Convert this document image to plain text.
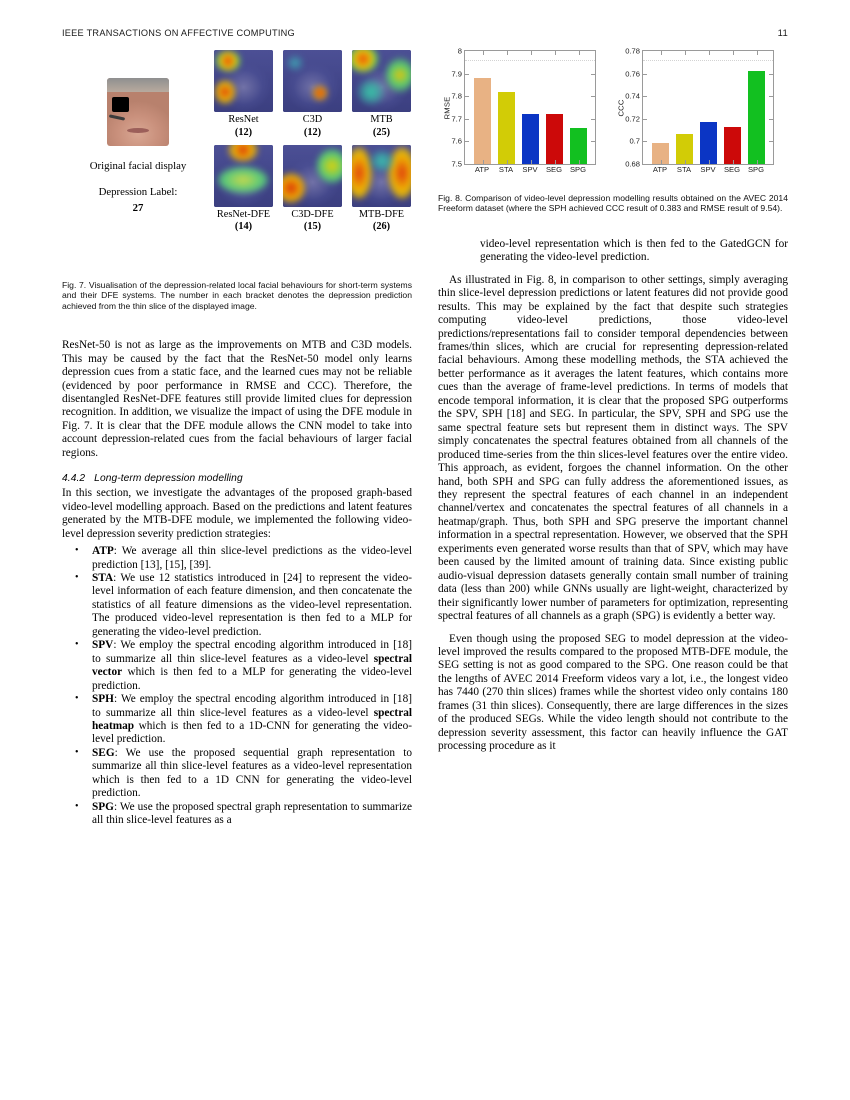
IEEE TRANSACTIONS ON AFFECTIVE COMPUTING	11
Original facial display
Depression Label:
27
ResNet
(12)
C3D
(12)
MTB
(25)
ResNet-DFE
(14)
C3D-DFE
(15)
MTB-DFE
(26)

Fig. 7. Visualisation of the depression-related local facial behaviours for short-term systems and their DFE systems. The number in each bracket denotes the depression prediction achieved from the thin slice of the displayed image.

ResNet-50 is not as large as the improvements on MTB and C3D models. This may be caused by the fact that the ResNet-50 model only learns depression cues from a static face, and the learned cues may not be reliable (evidenced by poor performance in RMSE and CCC). Therefore, the disentangled ResNet-DFE features still provide limited clues for depression recognition. In addition, we visualize the impact of using the DFE module in Fig. 7. It is clear that the DFE module allows the CNN model to take into account depression-related cues from the facial behaviours of larger facial regions.

4.4.2 Long-term depression modelling

In this section, we investigate the advantages of the proposed graph-based video-level modelling approach. Based on the predictions and latent features generated by the MTB-DFE module, we implemented the following video-level depression severity prediction strategies:

• ATP: We average all thin slice-level predictions as the video-level prediction [13], [15], [39].
• STA: We use 12 statistics introduced in [24] to represent the video-level information of each feature dimension, and then concatenate the statistics of all feature dimensions as the video-level representation. The produced video-level representation is then fed to a MLP for generating the video-level prediction.
• SPV: We employ the spectral encoding algorithm introduced in [18] to summarize all thin slice-level features as a video-level spectral vector which is then fed to a MLP for generating the video-level prediction.
• SPH: We employ the spectral encoding algorithm introduced in [18] to summarize all thin slice-level features as a video-level spectral heatmap which is then fed to a 1D-CNN for generating the video-level prediction.
• SEG: We use the proposed sequential graph representation to summarize all thin slice-level features as a video-level representation which is then fed to a 1D CNN for generating the video-level prediction.
• SPG: We use the proposed spectral graph representation to summarize all thin slice-level features as a
RMSE
7.5
7.6
7.7
7.8
7.9
8
ATP	STA	SPV	SEG	SPG
CCC
0.68
0.7
0.72
0.74
0.76
0.78
ATP	STA	SPV	SEG	SPG

Fig. 8. Comparison of video-level depression modelling results obtained on the AVEC 2014 Freeform dataset (where the SPH achieved CCC result of 0.383 and RMSE result of 9.54).

video-level representation which is then fed to the GatedGCN for generating the video-level prediction.

As illustrated in Fig. 8, in comparison to other settings, simply averaging thin slice-level depression predictions or latent features did not provide good results. This may be explained by the fact that despite such strategies computing video-level predictions, those video-level predictions/representations fail to consider temporal dependencies between frames/thin slices, which are crucial for representing depression-related facial behaviours. Among these modelling methods, the STA achieved the better performance as it averages the latent features, which contains more cues than the average of frame-level predictions. In terms of models that encode temporal information, it is clear that the proposed SPG outperforms the SPV, SPH [18] and SEG. In particular, the SPV, SPH and SPG use the same spectral feature sets but represent them in distinct ways. The SPV simply concatenates the spectral features obtained from all channels of the produced time-series from the thin slices-level features over the entire video. This approach, as evident, forgoes the channel information. On the other hand, both SPH and SPG can fully address the aforementioned issues, as they represent the spectral features of each channel in an independent channel/vertex and concatenates the spectral features of all channels in a heatmap/graph. Thus, both SPH and SPG preserve the important channel information in a spectral representation. However, we observed that the SPH experiments even generated worse results than that of SPV, which may have been caused by the limited amount of training data. Since existing public audio-visual depression datasets generally contain small number of training data (less than 200) while GNNs usually are light-weight, characterized by their significantly lower number of parameters for optimization, representing spectral features of all channels as a graph (SPG) is evidently a better way.

Even though using the proposed SEG to model depression at the video-level improved the results compared to the proposed MTB-DFE module, the SEG setting is not as good compared to the SPG. One reason could be that the lengths of AVEC 2014 Freeform videos vary a lot, i.e., the longest video has 7440 (270 thin slices) frames while the shortest video only contains 180 frames (31 thin slices). Consequently, there are large differences in the sizes of the produced SEGs. While the video length should not contribute to the depression severity assessment, this factor can heavily influence the GAT processing procedure as it
